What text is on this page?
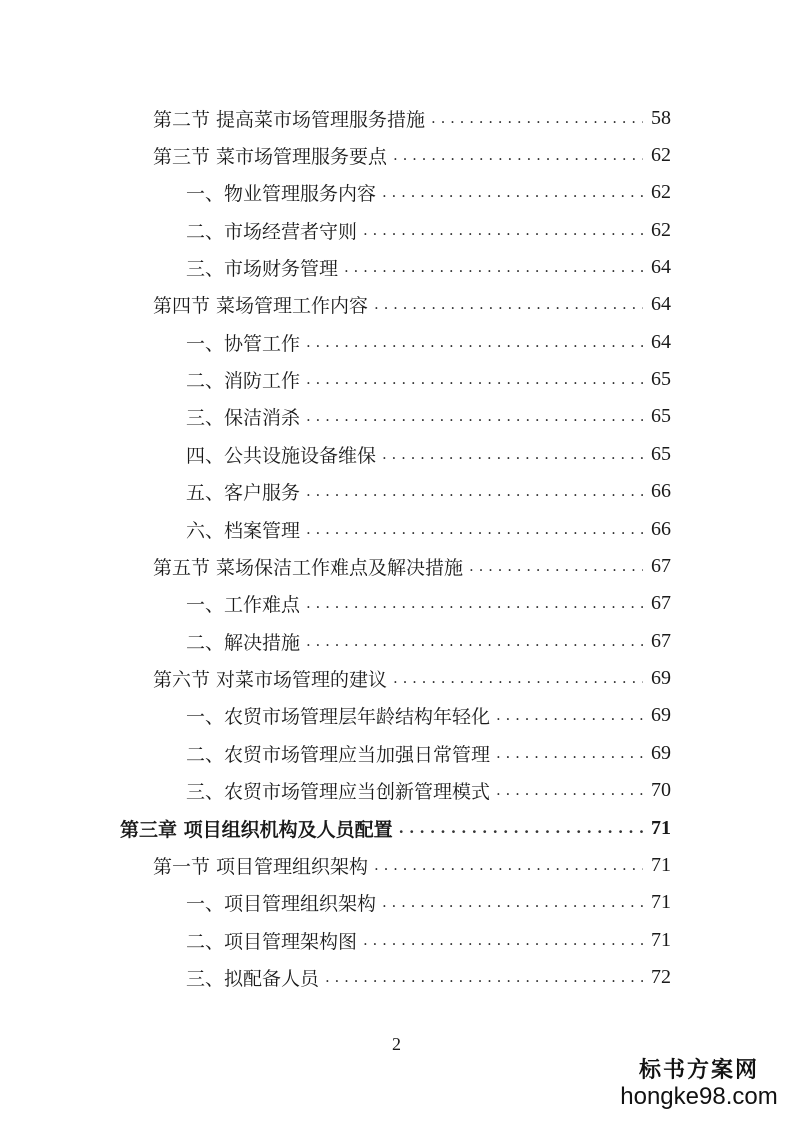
第二节 提高菜市场管理服务措施 . . .	58
第三节 菜市场管理服务要点 . . .	62
一、物业管理服务内容 . . .	62
二、市场经营者守则 . . .	62
三、市场财务管理 . . .	64
第四节 菜场管理工作内容 . . .	64
一、协管工作 . . .	64
二、消防工作 . . .	65
三、保洁消杀 . . .	65
四、公共设施设备维保 . . .	65
五、客户服务 . . .	66
六、档案管理 . . .	66
第五节 菜场保洁工作难点及解决措施 . . .	67
一、工作难点 . . .	67
二、解决措施 . . .	67
第六节 对菜市场管理的建议 . . .	69
一、农贸市场管理层年龄结构年轻化 . . .	69
二、农贸市场管理应当加强日常管理 . . .	69
三、农贸市场管理应当创新管理模式 . . .	70
第三章 项目组织机构及人员配置 . . .	71
第一节 项目管理组织架构 . . .	71
一、项目管理组织架构 . . .	71
二、项目管理架构图 . . .	71
三、拟配备人员 . . .	72
2
标书方案网
hongke98.com
